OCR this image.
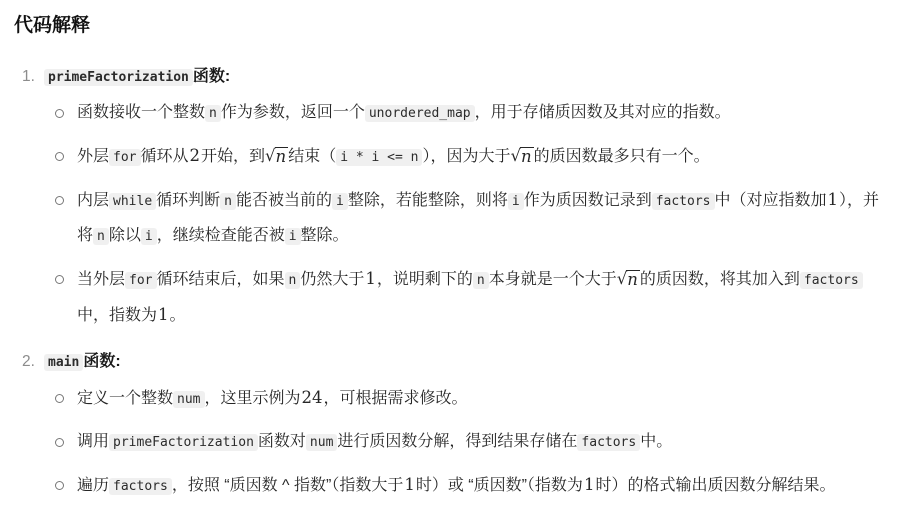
代码解释
1.	primeFactorization 函数:
函数接收一个整数 n 作为参数，返回一个 unordered_map ，用于存储质因数及其对应的指数。
外层 for 循环从2开始，到√n 结束（ i * i <= n ），因为大于√n 的质因数最多只有一个。
内层 while 循环判断 n 能否被当前的 i 整除，若能整除，则将 i 作为质因数记录到 factors 中（对应指数加1），并将 n 除以 i ，继续检查能否被 i 整除。
当外层 for 循环结束后，如果 n 仍然大于1，说明剩下的 n 本身就是一个大于√n 的质因数，将其加入到 factors中，指数为1。
2.	main 函数:
定义一个整数 num ，这里示例为24，可根据需求修改。
调用 primeFactorization 函数对 num 进行质因数分解，得到结果存储在 factors 中。
遍历 factors ，按照 “质因数 ^ 指数”（指数大于1时）或 “质因数”（指数为1时）的格式输出质因数分解结果。
